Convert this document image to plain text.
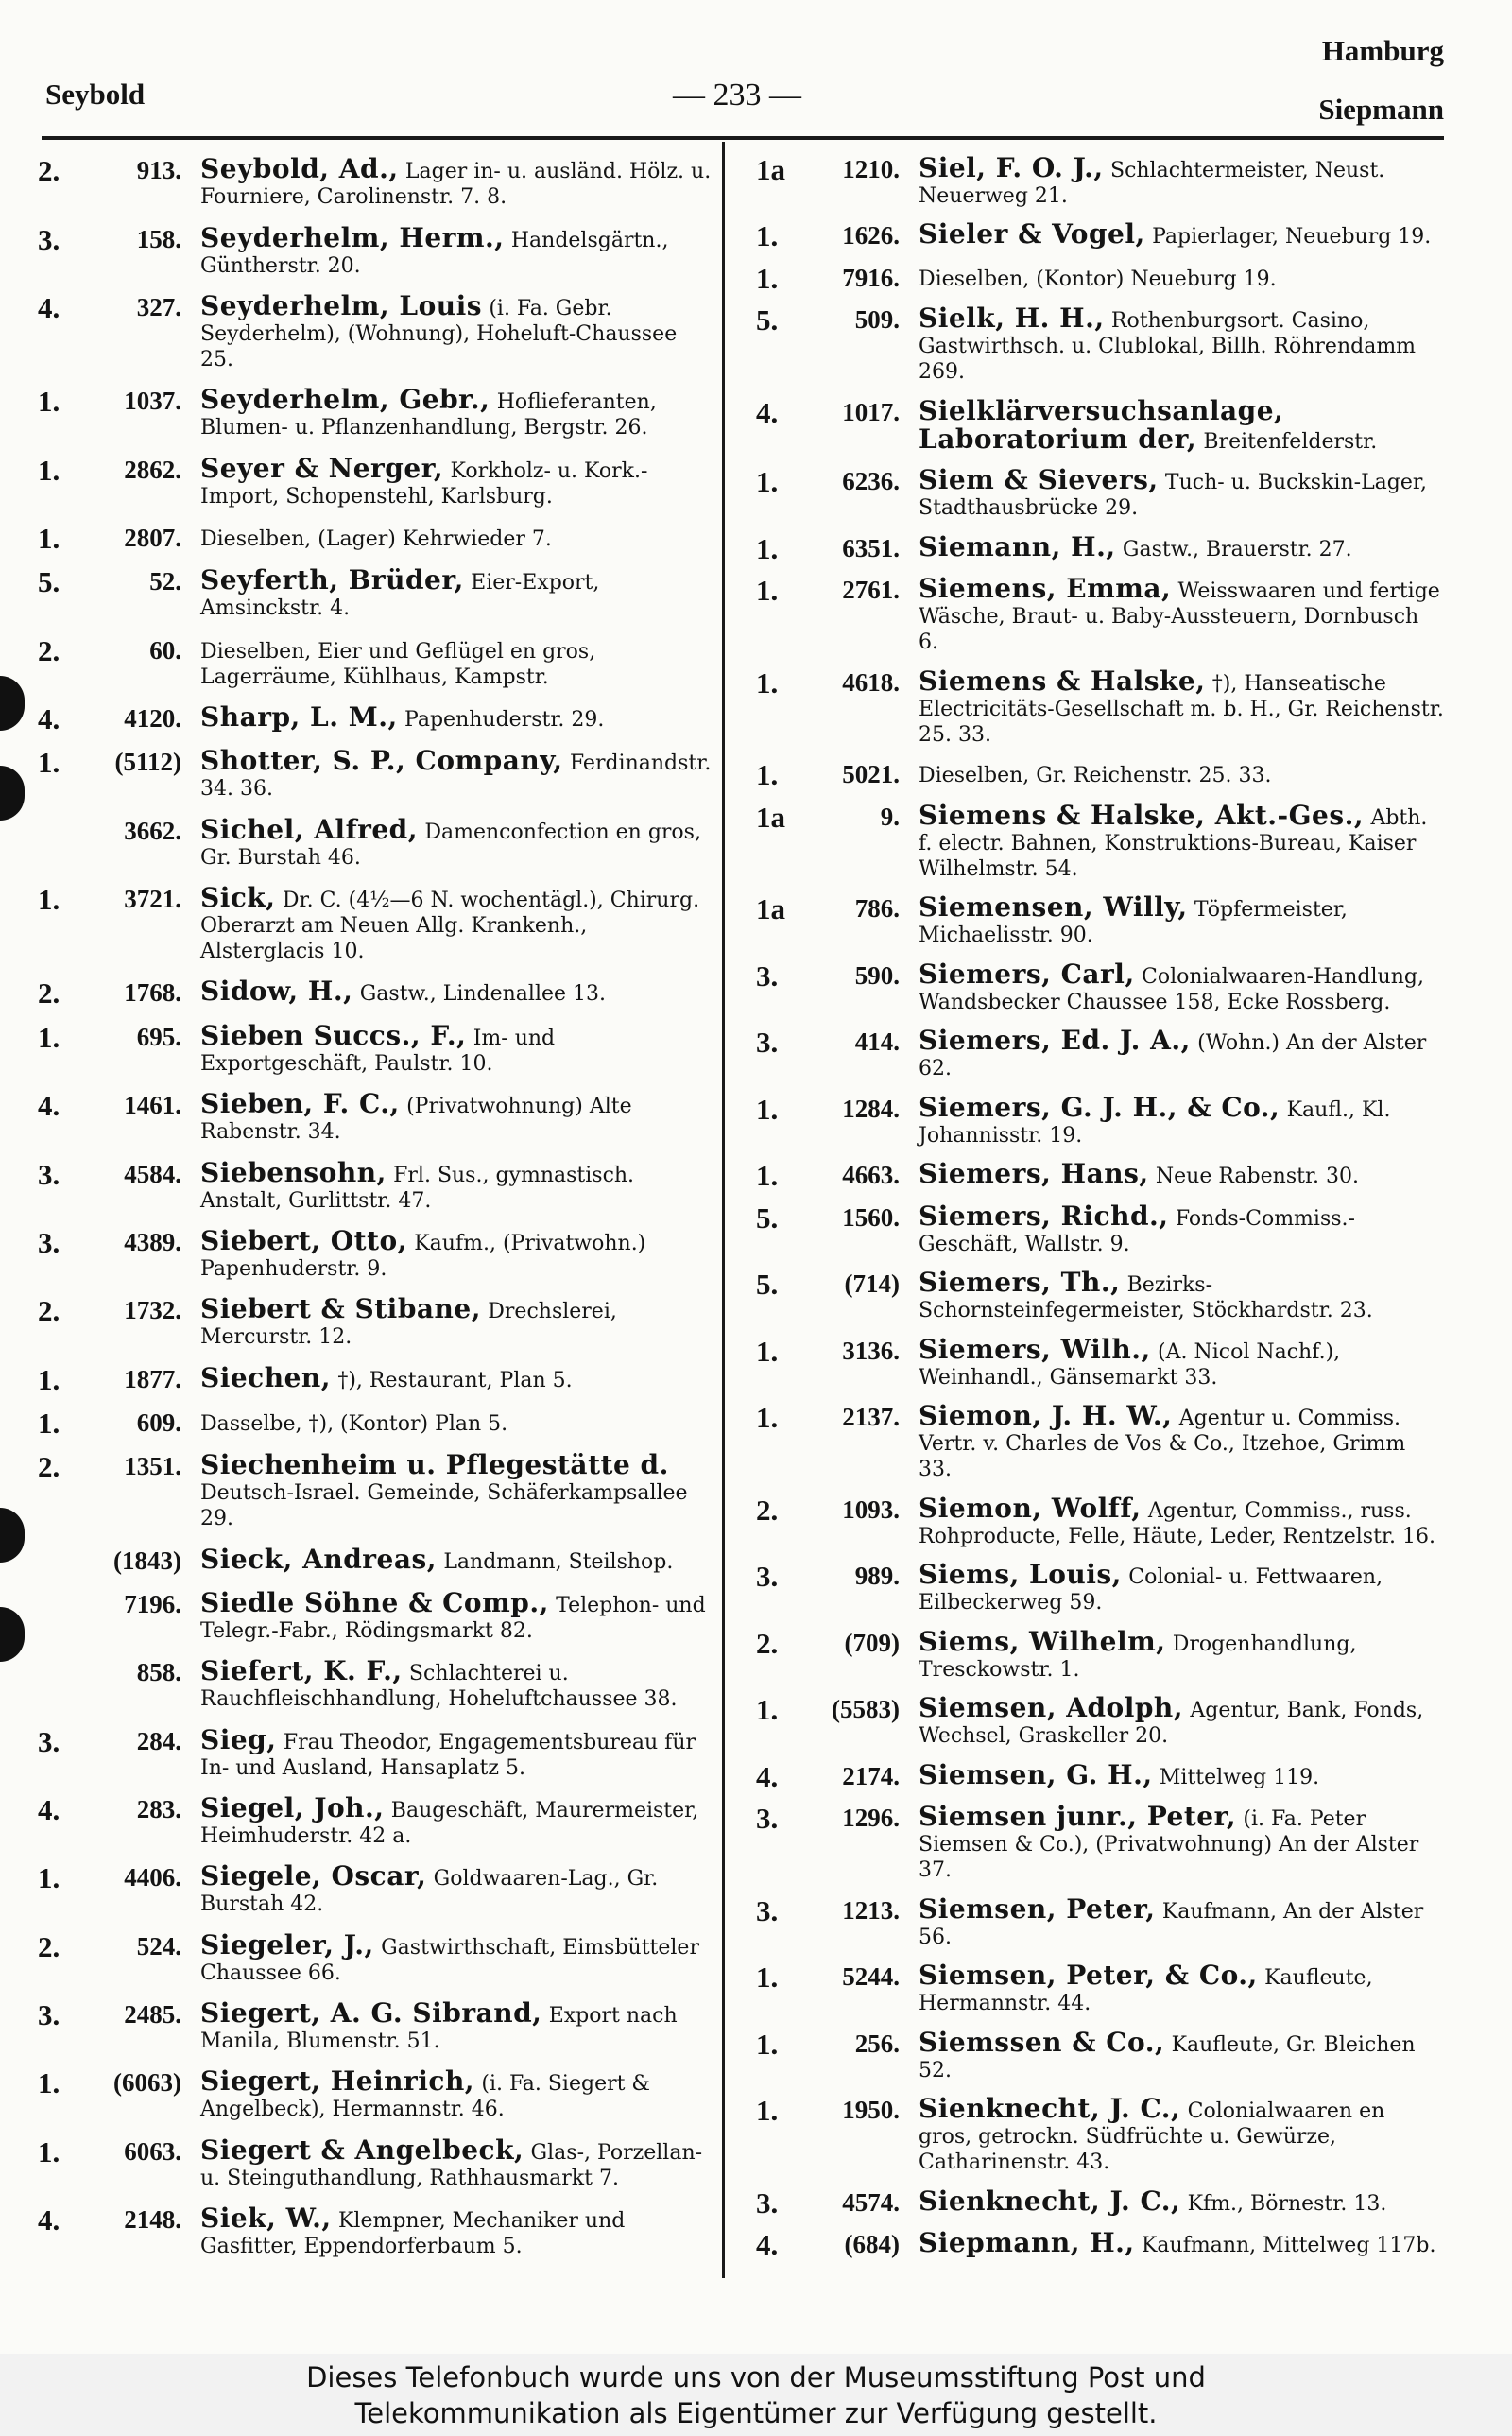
Hamburg
Seybold	— 233 —	Siepmann
2.	913. Seybold, Ad., Lager in- u. ausländ. Hölz. u. Fourniere, Carolinenstr. 7. 8.
3.	158. Seyderhelm, Herm., Handelsgärtn., Güntherstr. 20.
4.	327. Seyderhelm, Louis (i. Fa. Gebr. Seyderhelm), (Wohnung), Hoheluft-Chaussee 25.
1.	1037. Seyderhelm, Gebr., Hoflieferanten, Blumen- u. Pflanzenhandlung, Bergstr. 26.
1.	2862. Seyer & Nerger, Korkholz- u. Kork.-Import, Schopenstehl, Karlsburg.
1.	2807. Dieselben, (Lager) Kehrwieder 7.
5.	52. Seyferth, Brüder, Eier-Export, Amsinckstr. 4.
2.	60. Dieselben, Eier und Geflügel en gros, Lagerräume, Kühlhaus, Kampstr.
4.	4120. Sharp, L. M., Papenhuderstr. 29.
1.	(5112) Shotter, S. P., Company, Ferdinandstr. 34. 36.
3662. Sichel, Alfred, Damenconfection en gros, Gr. Burstah 46.
1.	3721. Sick, Dr. C. (4½—6 N. wochentägl.), Chirurg. Oberarzt am Neuen Allg. Krankenh., Alsterglacis 10.
2.	1768. Sidow, H., Gastw., Lindenallee 13.
1.	695. Sieben Succs., F., Im- und Exportgeschäft, Paulstr. 10.
4.	1461. Sieben, F. C., (Privatwohnung) Alte Rabenstr. 34.
3.	4584. Siebensohn, Frl. Sus., gymnastisch. Anstalt, Gurlittstr. 47.
3.	4389. Siebert, Otto, Kaufm., (Privatwohn.) Papenhuderstr. 9.
2.	1732. Siebert & Stibane, Drechslerei, Mercurstr. 12.
1.	1877. Siechen, †), Restaurant, Plan 5.
1.	609. Dasselbe, †), (Kontor) Plan 5.
2.	1351. Siechenheim u. Pflegestätte d. Deutsch-Israel. Gemeinde, Schäferkampsallee 29.
(1843) Sieck, Andreas, Landmann, Steilshop.
7196. Siedle Söhne & Comp., Telephon- und Telegr.-Fabr., Rödingsmarkt 82.
858. Siefert, K. F., Schlachterei u. Rauchfleischhandlung, Hoheluftchaussee 38.
3.	284. Sieg, Frau Theodor, Engagementsbureau für In- und Ausland, Hansaplatz 5.
4.	283. Siegel, Joh., Baugeschäft, Maurermeister, Heimhuderstr. 42 a.
1.	4406. Siegele, Oscar, Goldwaaren-Lag., Gr. Burstah 42.
2.	524. Siegeler, J., Gastwirthschaft, Eimsbütteler Chaussee 66.
3.	2485. Siegert, A. G. Sibrand, Export nach Manila, Blumenstr. 51.
1.	(6063) Siegert, Heinrich, (i. Fa. Siegert & Angelbeck), Hermannstr. 46.
1.	6063. Siegert & Angelbeck, Glas-, Porzellan- u. Steinguthandlung, Rathhausmarkt 7.
4.	2148. Siek, W., Klempner, Mechaniker und Gasfitter, Eppendorferbaum 5.
1a	1210. Siel, F. O. J., Schlachtermeister, Neust. Neuerweg 21.
1.	1626. Sieler & Vogel, Papierlager, Neueburg 19.
1.	7916. Dieselben, (Kontor) Neueburg 19.
5.	509. Sielk, H. H., Rothenburgsort. Casino, Gastwirthsch. u. Clublokal, Billh. Röhrendamm 269.
4.	1017. Sielklärversuchsanlage, Laboratorium der, Breitenfelderstr.
1.	6236. Siem & Sievers, Tuch- u. Buckskin-Lager, Stadthausbrücke 29.
1.	6351. Siemann, H., Gastw., Brauerstr. 27.
1.	2761. Siemens, Emma, Weisswaaren und fertige Wäsche, Braut- u. Baby-Aussteuern, Dornbusch 6.
1.	4618. Siemens & Halske, †), Hanseatische Electricitäts-Gesellschaft m. b. H., Gr. Reichenstr. 25. 33.
1.	5021. Dieselben, Gr. Reichenstr. 25. 33.
1a	9. Siemens & Halske, Akt.-Ges., Abth. f. electr. Bahnen, Konstruktions-Bureau, Kaiser Wilhelmstr. 54.
1a	786. Siemensen, Willy, Töpfermeister, Michaelisstr. 90.
3.	590. Siemers, Carl, Colonialwaaren-Handlung, Wandsbecker Chaussee 158, Ecke Rossberg.
3.	414. Siemers, Ed. J. A., (Wohn.) An der Alster 62.
1.	1284. Siemers, G. J. H., & Co., Kaufl., Kl. Johannisstr. 19.
1.	4663. Siemers, Hans, Neue Rabenstr. 30.
5.	1560. Siemers, Richd., Fonds-Commiss.-Geschäft, Wallstr. 9.
5.	(714) Siemers, Th., Bezirks-Schornsteinfegermeister, Stöckhardstr. 23.
1.	3136. Siemers, Wilh., (A. Nicol Nachf.), Weinhandl., Gänsemarkt 33.
1.	2137. Siemon, J. H. W., Agentur u. Commiss. Vertr. v. Charles de Vos & Co., Itzehoe, Grimm 33.
2.	1093. Siemon, Wolff, Agentur, Commiss., russ. Rohproducte, Felle, Häute, Leder, Rentzelstr. 16.
3.	989. Siems, Louis, Colonial- u. Fettwaaren, Eilbeckerweg 59.
2.	(709) Siems, Wilhelm, Drogenhandlung, Tresckowstr. 1.
1.	(5583) Siemsen, Adolph, Agentur, Bank, Fonds, Wechsel, Graskeller 20.
4.	2174. Siemsen, G. H., Mittelweg 119.
3.	1296. Siemsen junr., Peter, (i. Fa. Peter Siemsen & Co.), (Privatwohnung) An der Alster 37.
3.	1213. Siemsen, Peter, Kaufmann, An der Alster 56.
1.	5244. Siemsen, Peter, & Co., Kaufleute, Hermannstr. 44.
1.	256. Siemssen & Co., Kaufleute, Gr. Bleichen 52.
1.	1950. Sienknecht, J. C., Colonialwaaren en gros, getrockn. Südfrüchte u. Gewürze, Catharinenstr. 43.
3.	4574. Sienknecht, J. C., Kfm., Börnestr. 13.
4.	(684) Siepmann, H., Kaufmann, Mittelweg 117b.
Dieses Telefonbuch wurde uns von der Museumsstiftung Post und
Telekommunikation als Eigentümer zur Verfügung gestellt.
